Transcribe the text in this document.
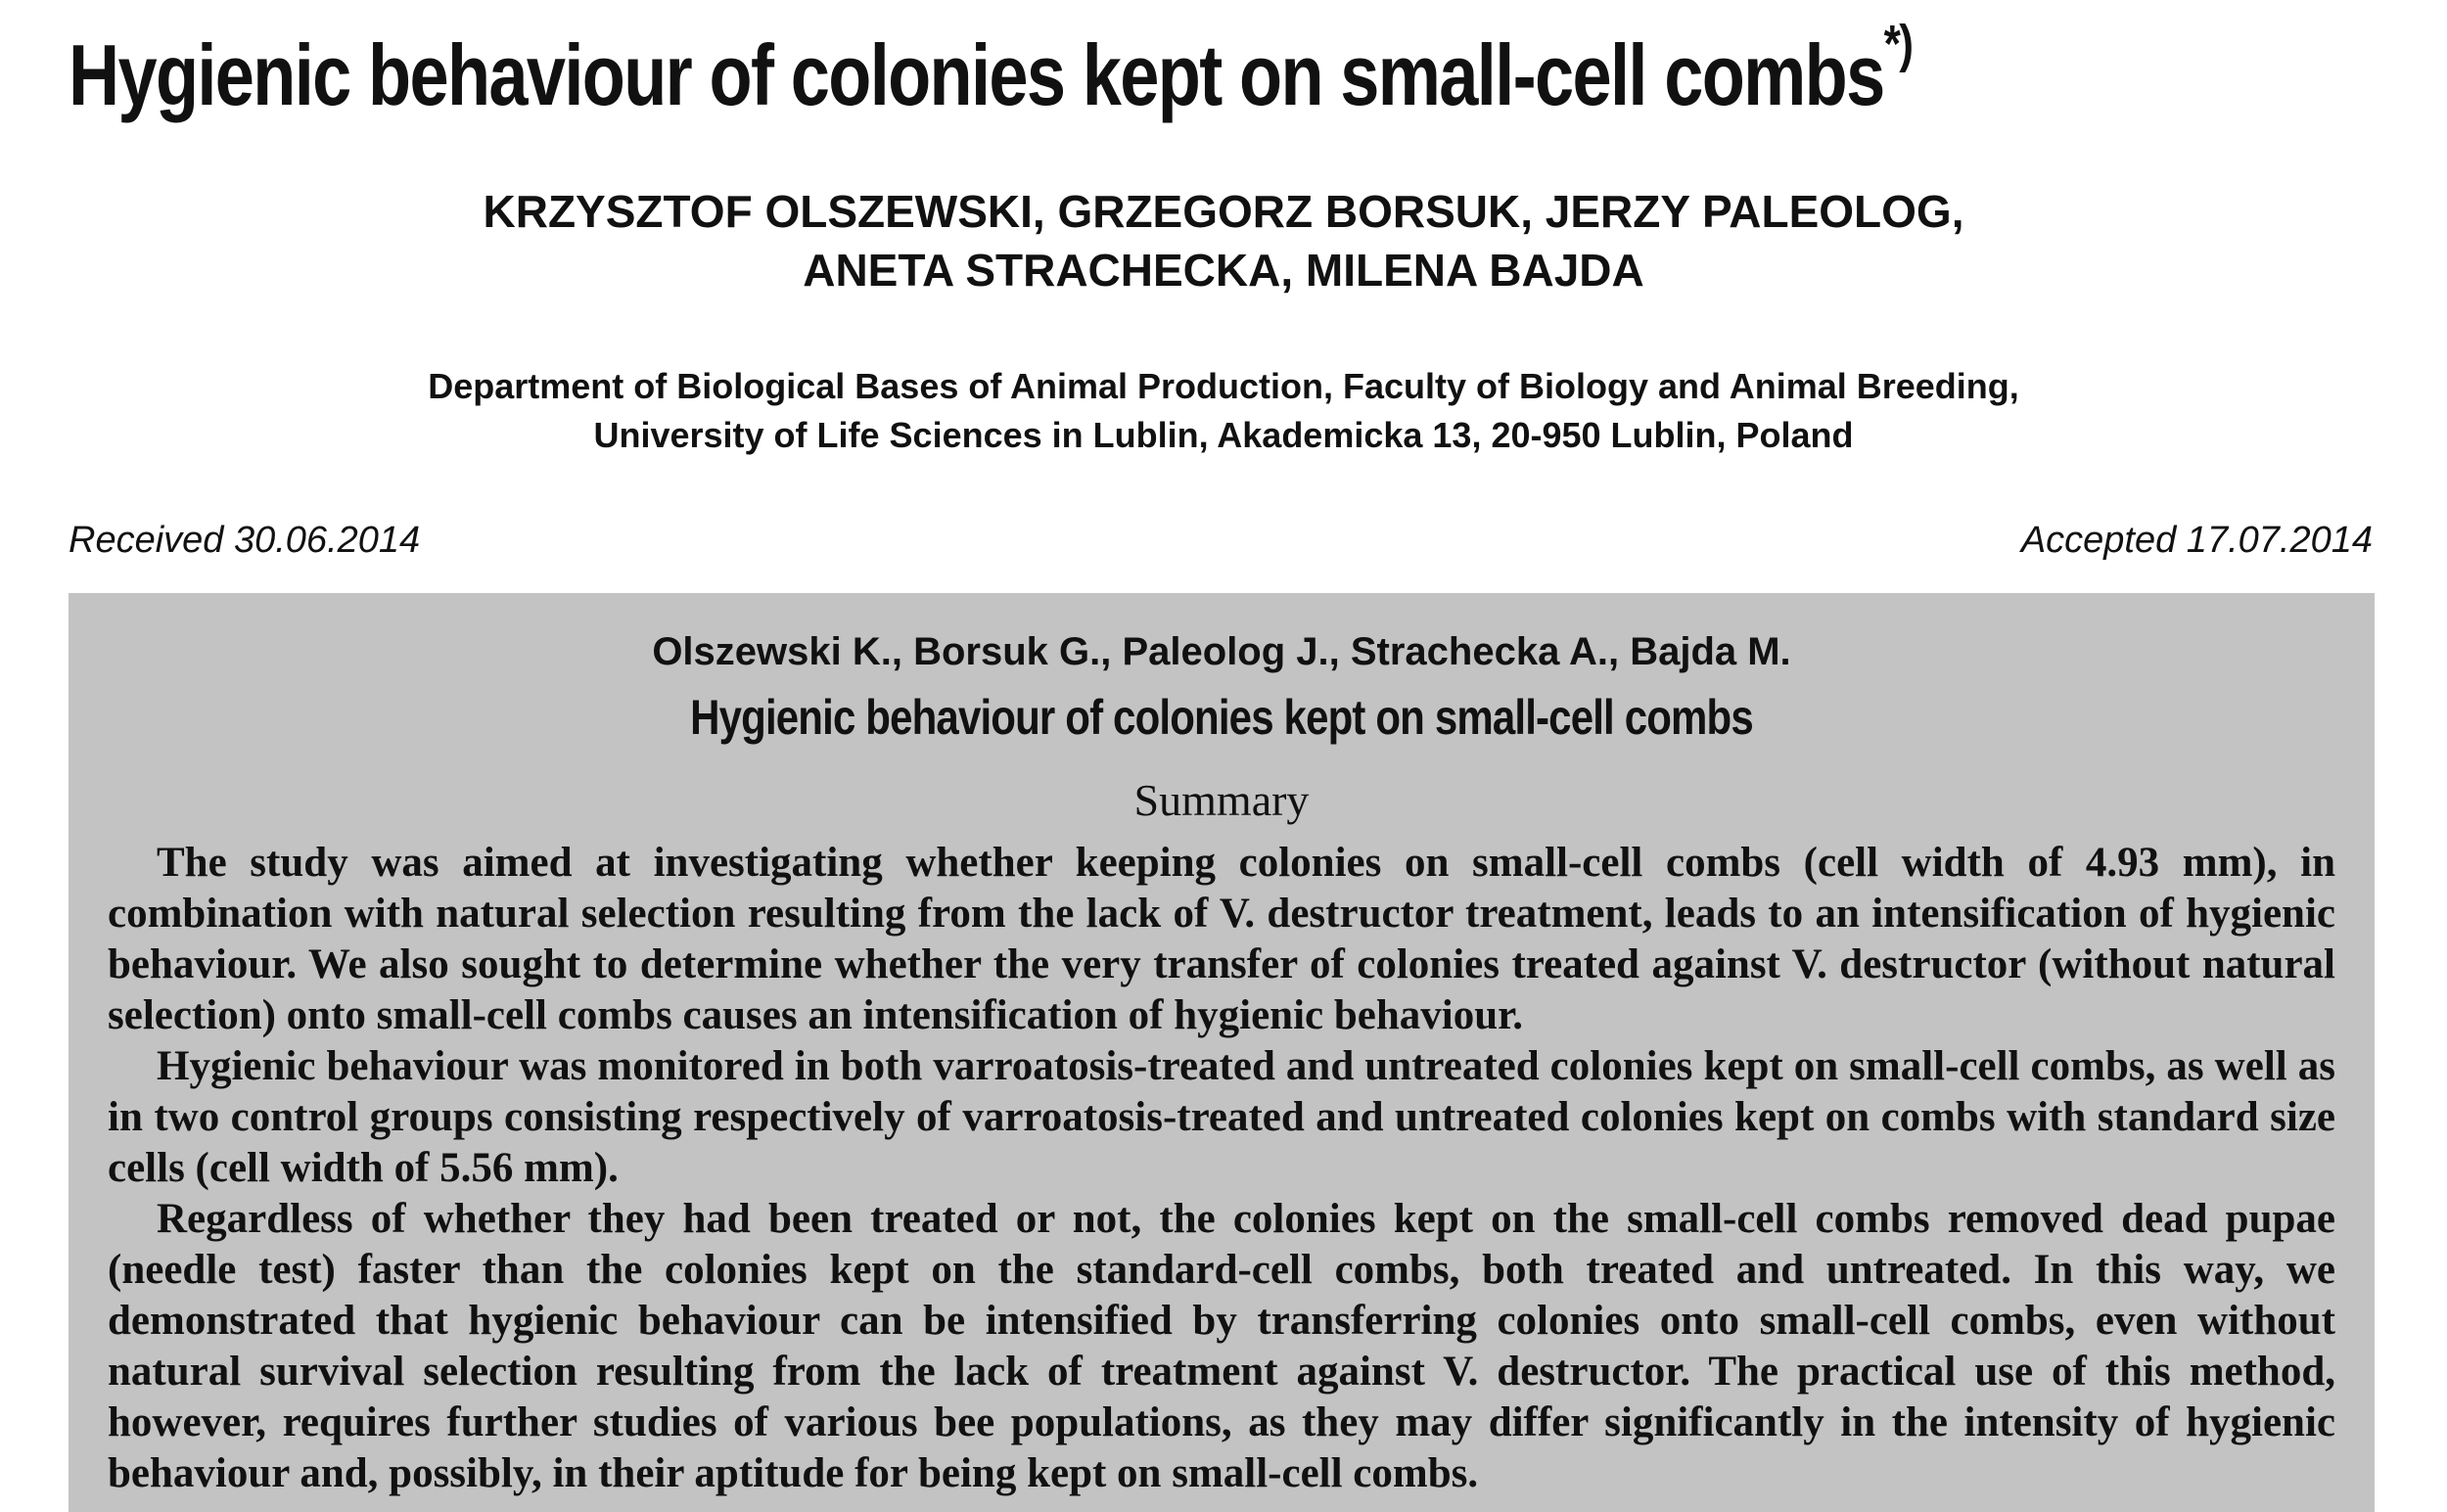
Hygienic behaviour of colonies kept on small-cell combs*)
KRZYSZTOF OLSZEWSKI, GRZEGORZ BORSUK, JERZY PALEOLOG,
ANETA STRACHECKA, MILENA BAJDA
Department of Biological Bases of Animal Production, Faculty of Biology and Animal Breeding,
University of Life Sciences in Lublin, Akademicka 13, 20-950 Lublin, Poland
Received 30.06.2014	Accepted 17.07.2014
Olszewski K., Borsuk G., Paleolog J., Strachecka A., Bajda M.
Hygienic behaviour of colonies kept on small-cell combs
Summary

The study was aimed at investigating whether keeping colonies on small-cell combs (cell width of 4.93 mm), in combination with natural selection resulting from the lack of V. destructor treatment, leads to an intensification of hygienic behaviour. We also sought to determine whether the very transfer of colonies treated against V. destructor (without natural selection) onto small-cell combs causes an intensification of hygienic behaviour.

Hygienic behaviour was monitored in both varroatosis-treated and untreated colonies kept on small-cell combs, as well as in two control groups consisting respectively of varroatosis-treated and untreated colonies kept on combs with standard size cells (cell width of 5.56 mm).

Regardless of whether they had been treated or not, the colonies kept on the small-cell combs removed dead pupae (needle test) faster than the colonies kept on the standard-cell combs, both treated and untreated. In this way, we demonstrated that hygienic behaviour can be intensified by transferring colonies onto small-cell combs, even without natural survival selection resulting from the lack of treatment against V. destructor. The practical use of this method, however, requires further studies of various bee populations, as they may differ significantly in the intensity of hygienic behaviour and, possibly, in their aptitude for being kept on small-cell combs.
